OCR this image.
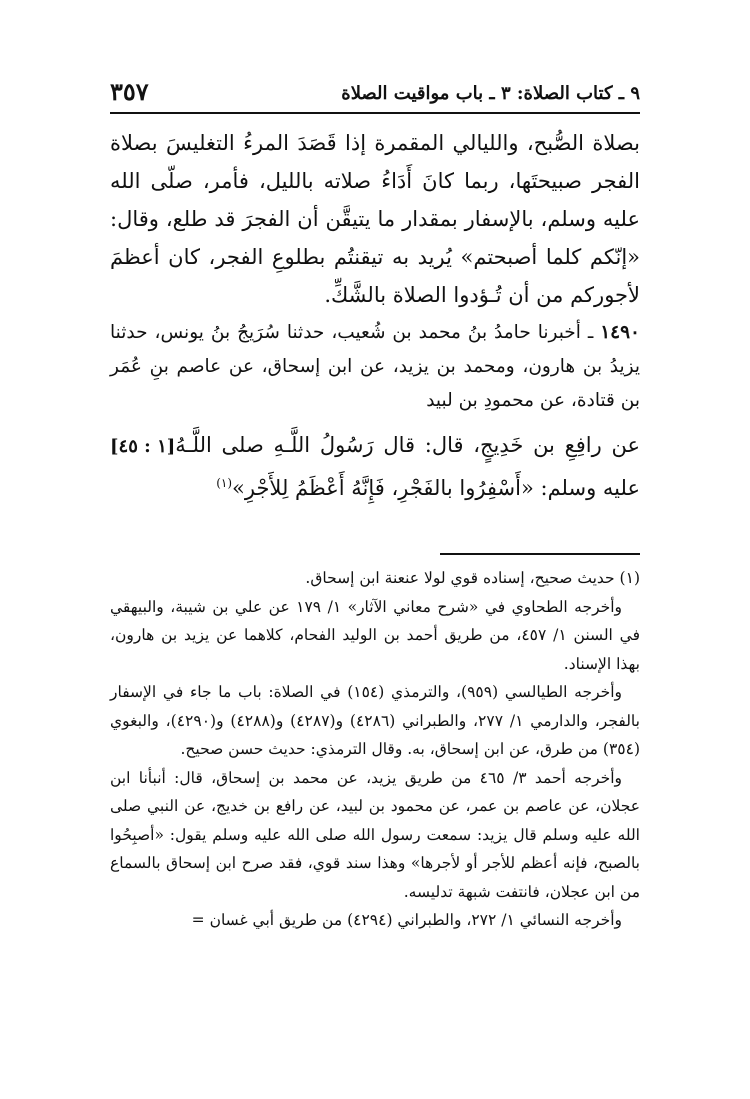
٩ ـ كتاب الصلاة: ٣ ـ باب مواقيت الصلاة
٣٥٧

بصلاة الصُّبح، والليالي المقمرة إذا قَصَدَ المرءُ التغليسَ بصلاة الفجر صبيحتَها، ربما كانَ أَدَاءُ صلاته بالليل، فأمر، صلّى الله عليه وسلم، بالإسفار بمقدار ما يتيقَّن أن الفجرَ قد طلع، وقال: «إنّكم كلما أصبحتم» يُريد به تيقنتُم بطلوعِ الفجر، كان أعظمَ لأجوركم من أن تُـؤدوا الصلاة بالشَّكِّ.

١٤٩٠ ـ أخبرنا حامدُ بنُ محمد بن شُعيب، حدثنا سُرَيجُ بنُ يونس، حدثنا يزيدُ بن هارون، ومحمد بن يزيد، عن ابن إسحاق، عن عاصم بنِ عُمَر بن قتادة، عن محمودِ بن لبيد

[١ : ٤٥] عن رافِعِ بن خَدِيجٍ، قال: قال رَسُولُ اللَّـهِ صلى اللَّـهُ عليه وسلم: «أَسْفِرُوا بالفَجْرِ، فَإِنَّهُ أَعْظَمُ لِلأَجْرِ»$^{(١)}$

(١) حديث صحيح، إسناده قوي لولا عنعنة ابن إسحاق.

وأخرجه الطحاوي في «شرح معاني الآثار» ١/ ١٧٩ عن علي بن شيبة، والبيهقي في السنن ١/ ٤٥٧، من طريق أحمد بن الوليد الفحام، كلاهما عن يزيد بن هارون، بهذا الإسناد.

وأخرجه الطيالسي (٩٥٩)، والترمذي (١٥٤) في الصلاة: باب ما جاء في الإسفار بالفجر، والدارمي ١/ ٢٧٧، والطبراني (٤٢٨٦) و(٤٢٨٧) و(٤٢٨٨) و(٤٢٩٠)، والبغوي (٣٥٤) من طرق، عن ابن إسحاق، به. وقال الترمذي: حديث حسن صحيح.

وأخرجه أحمد ٣/ ٤٦٥ من طريق يزيد، عن محمد بن إسحاق، قال: أنبأنا ابن عجلان، عن عاصم بن عمر، عن محمود بن لبيد، عن رافع بن خديج، عن النبي صلى الله عليه وسلم قال يزيد: سمعت رسول الله صلى الله عليه وسلم يقول: «أصبِحُوا بالصبح، فإنه أعظم للأجر أو لأجرها» وهذا سند قوي، فقد صرح ابن إسحاق بالسماع من ابن عجلان، فانتفت شبهة تدليسه.

وأخرجه النسائي ١/ ٢٧٢، والطبراني (٤٢٩٤) من طريق أبي غسان =
